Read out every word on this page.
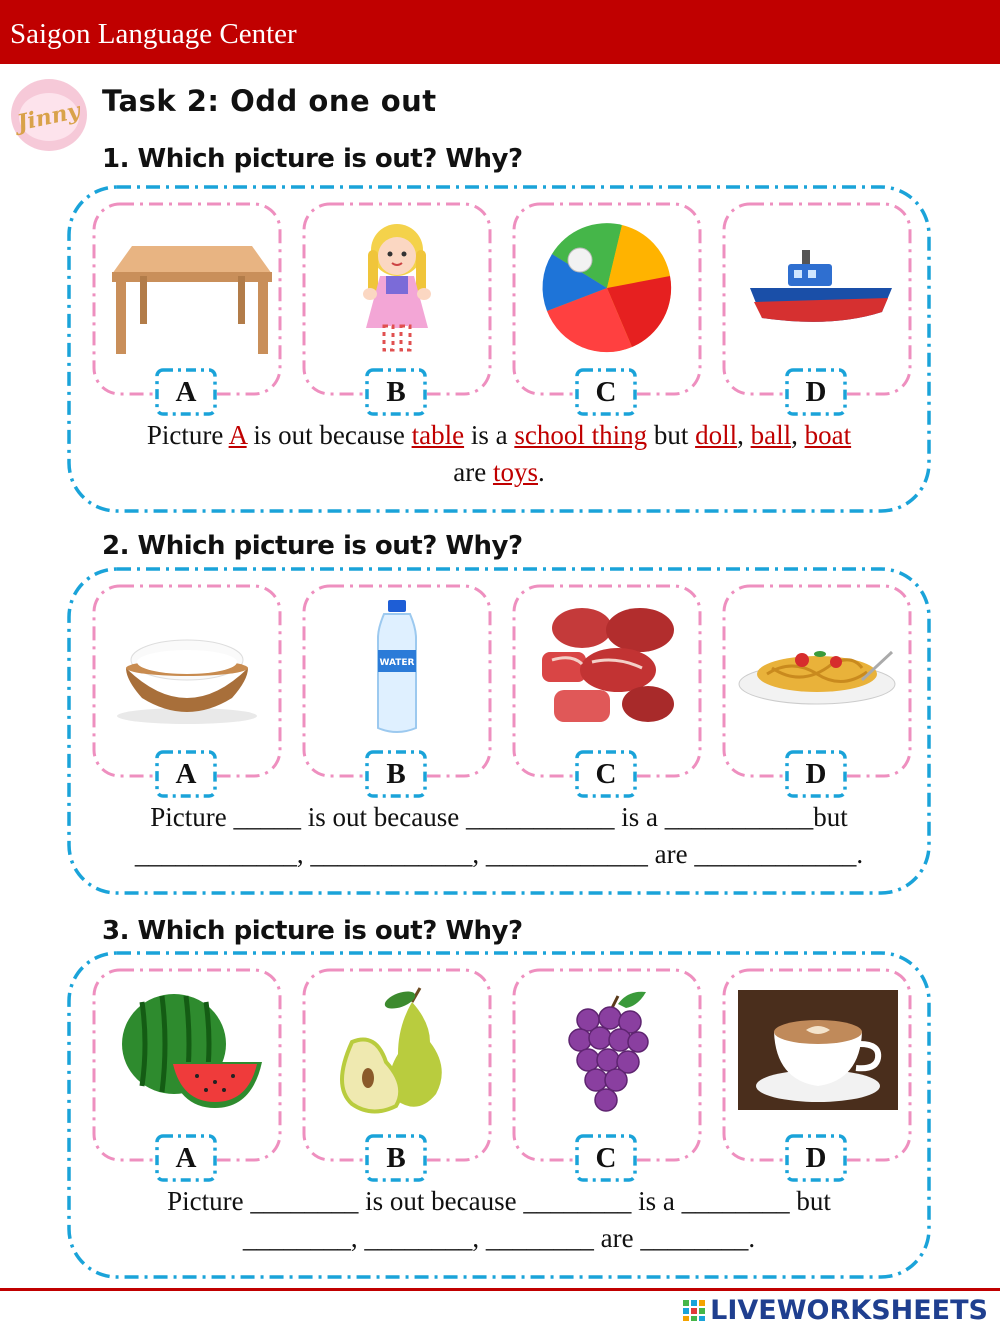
Saigon Language Center
Jinny Task 2: Odd one out
1. Which picture is out? Why?
2. Which picture is out? Why?
3. Which picture is out? Why?
A	B	C	D
Picture A is out because table is a school thing but doll, ball, boat
are toys.
A
WATER
B	C	D
Picture _____ is out because ___________ is a ___________but
____________, ____________, ____________ are ____________.
A	B	C	D
Picture ________ is out because ________ is a ________ but
________, ________, ________ are ________.
LIVEWORKSHEETS
